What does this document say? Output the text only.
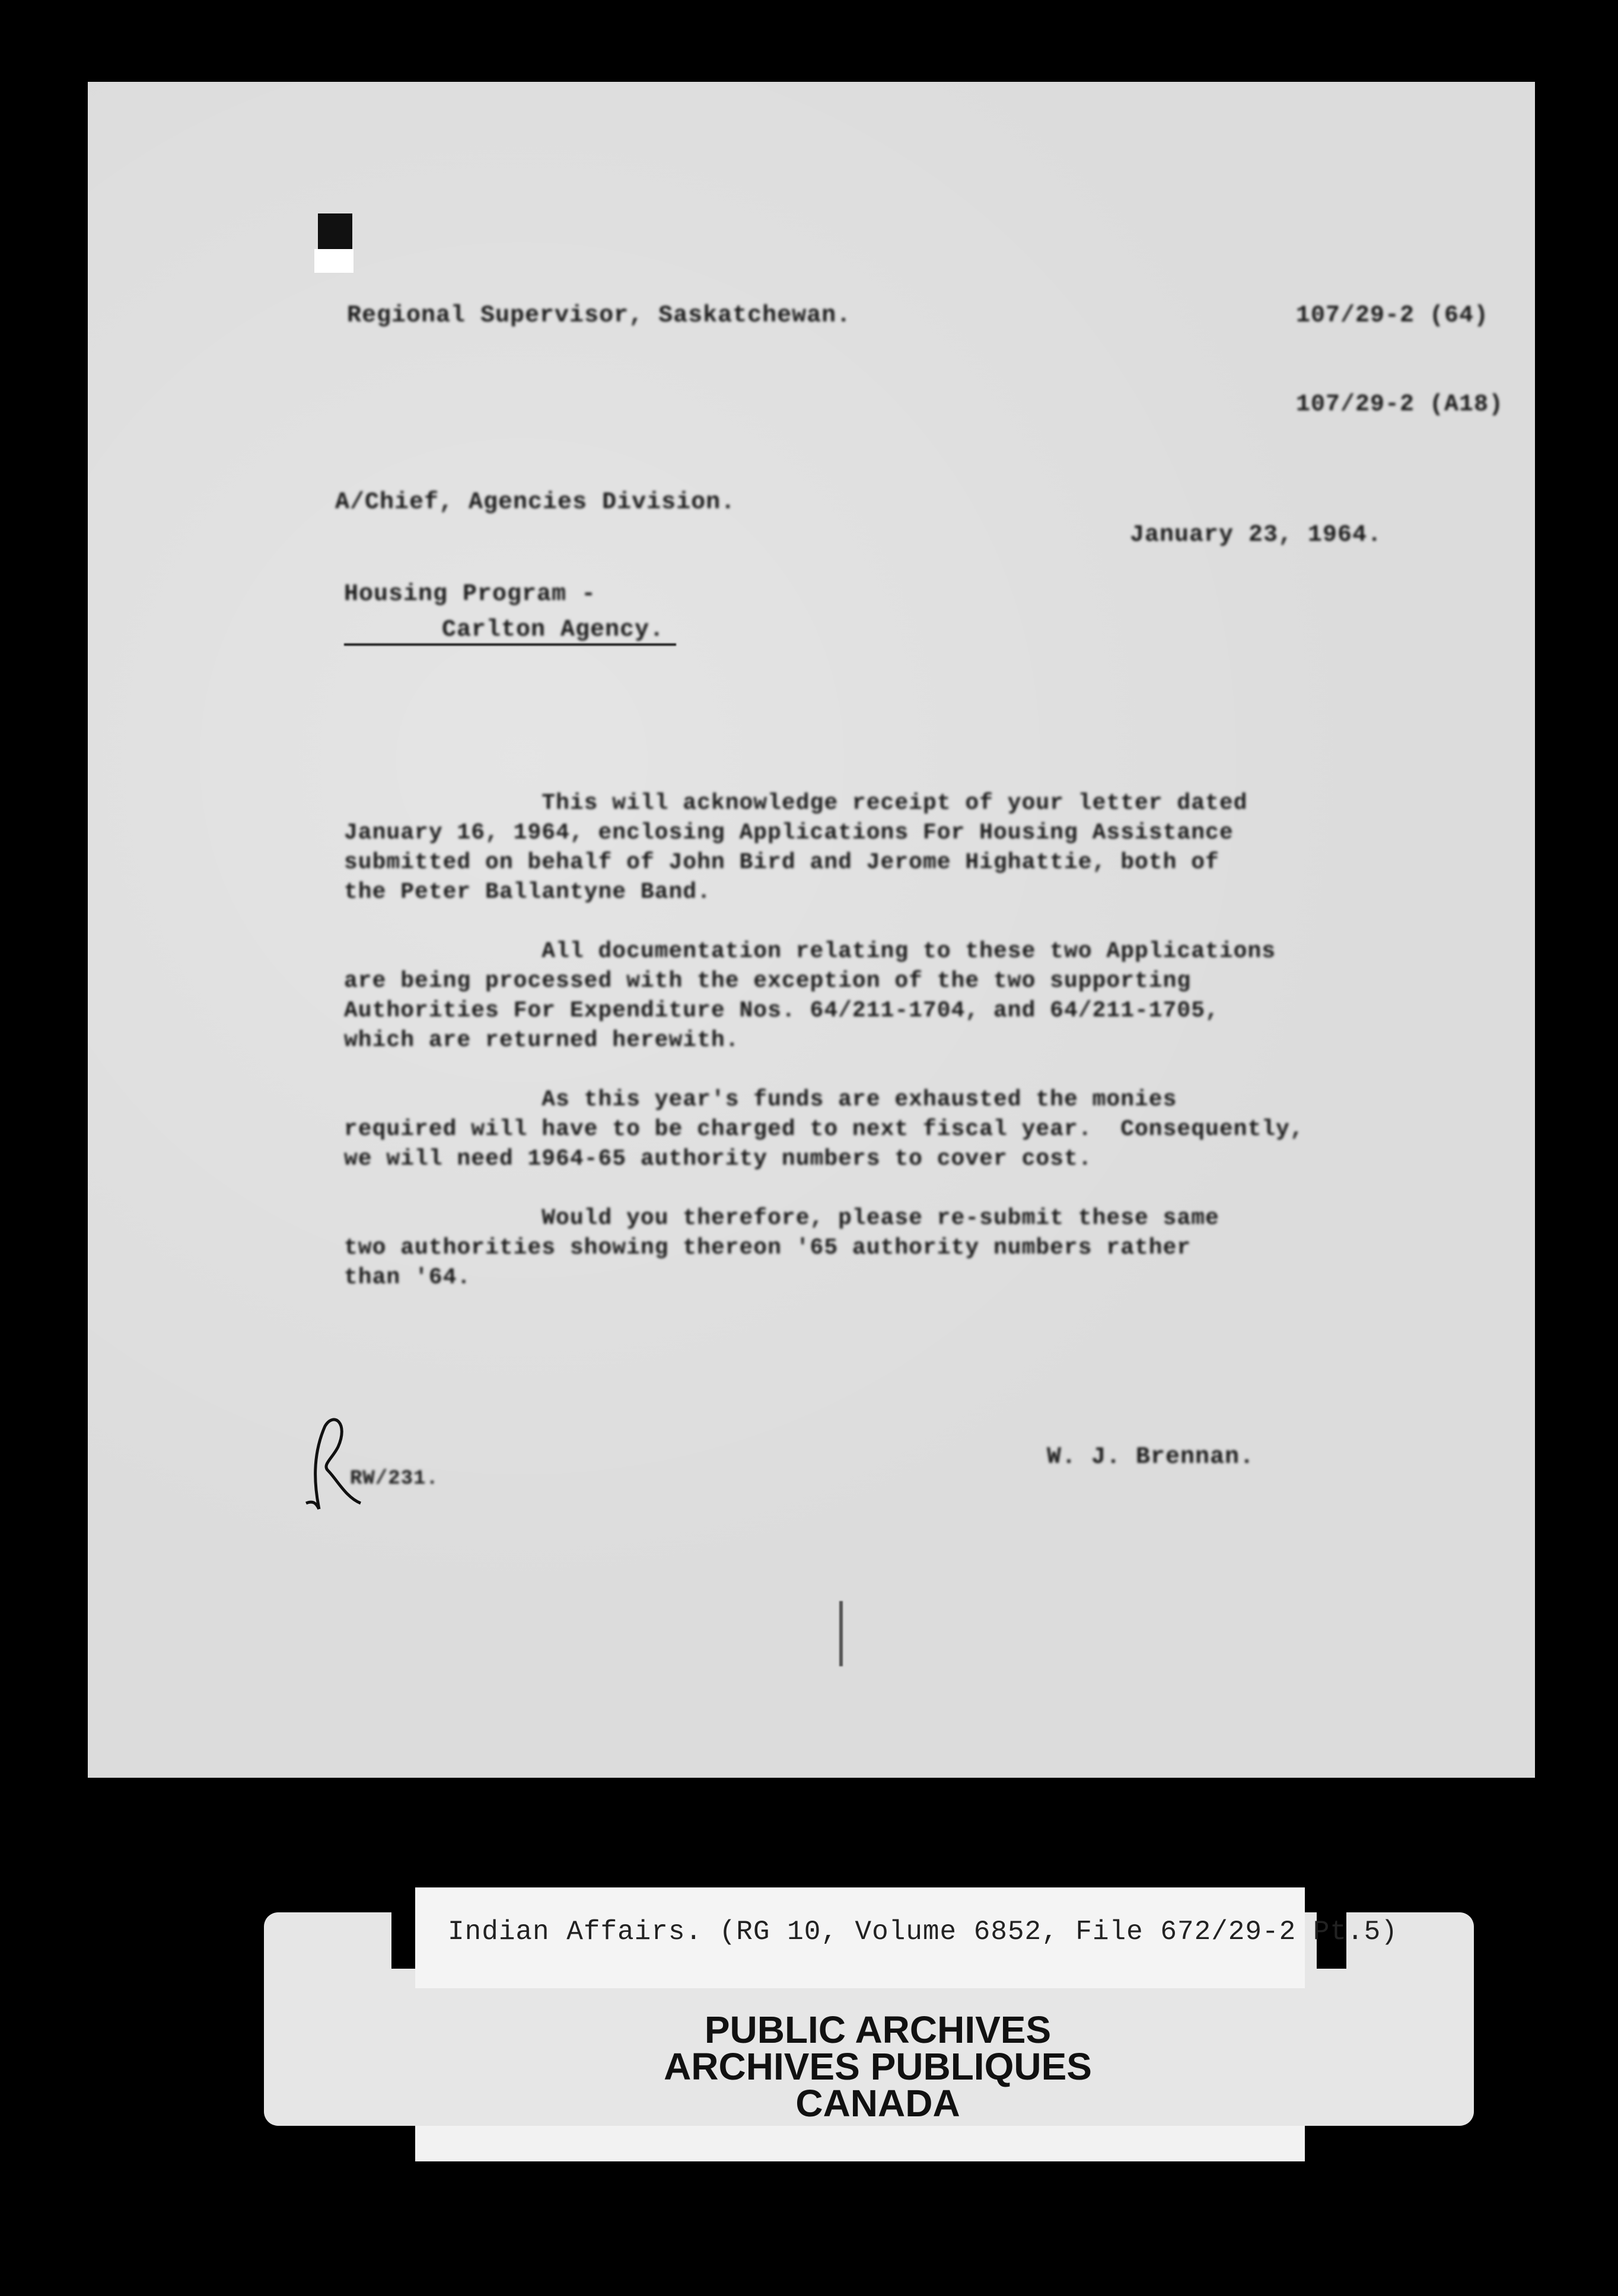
Regional Supervisor, Saskatchewan.	107/29-2 (64)
107/29-2 (A18)
A/Chief, Agencies Division.
January 23, 1964.
Housing Program -
Carlton Agency.
This will acknowledge receipt of your letter dated
January 16, 1964, enclosing Applications For Housing Assistance
submitted on behalf of John Bird and Jerome Highattie, both of
the Peter Ballantyne Band.
All documentation relating to these two Applications
are being processed with the exception of the two supporting
Authorities For Expenditure Nos. 64/211-1704, and 64/211-1705,
which are returned herewith.
As this year's funds are exhausted the monies
required will have to be charged to next fiscal year.  Consequently,
we will need 1964-65 authority numbers to cover cost.
Would you therefore, please re-submit these same
two authorities showing thereon '65 authority numbers rather
than '64.
RW/231.
W. J. Brennan.
Indian Affairs. (RG 10, Volume 6852, File 672/29-2 Pt.5)
PUBLIC ARCHIVES
ARCHIVES PUBLIQUES
CANADA
